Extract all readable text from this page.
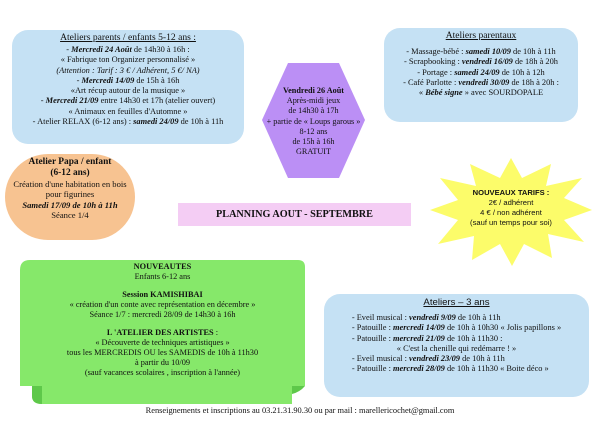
Ateliers parents / enfants 5-12 ans :
- Mercredi 24 Août de 14h30 à 16h :
« Fabrique ton Organizer personnalisé »
(Attention : Tarif : 3 € / Adhérent, 5 €/ NA)
- Mercredi 14/09 de 15h à 16h
«Art récup autour de la musique »
- Mercredi 21/09 entre 14h30 et 17h (atelier ouvert)
« Animaux en feuilles d'Automne »
- Atelier RELAX (6-12 ans) : samedi 24/09 de 10h à 11h
Vendredi 26 Août
Après-midi jeux
de 14h30 à 17h
+ partie de « Loups garous »
8-12 ans
de 15h à 16h
GRATUIT
Ateliers parentaux
- Massage-bébé : samedi 10/09 de 10h à 11h
- Scrapbooking : vendredi 16/09 de 18h à 20h
- Portage : samedi 24/09 de 10h à 12h
- Café Parlotte : vendredi 30/09 de 18h à 20h :
« Bébé signe » avec SOURDOPALE
Atelier Papa / enfant
(6-12 ans)
Création d'une habitation en bois
pour figurines
Samedi 17/09 de 10h à 11h
Séance 1/4	PLANNING AOUT - SEPTEMBRE
NOUVEAUX TARIFS :
2€ / adhérent
4 € / non adhérent
(sauf un temps pour soi)
NOUVEAUTES
Enfants 6-12 ans
Session KAMISHIBAI
« création d'un conte avec représentation en décembre »
Séance 1/7 : mercredi 28/09 de 14h30 à 16h
L 'ATELIER DES ARTISTES :
« Découverte de techniques artistiques »
tous les MERCREDIS OU les SAMEDIS de 10h à 11h30
à partir du 10/09
(sauf vacances scolaires , inscription à l'année)
Ateliers – 3 ans
- Eveil musical : vendredi 9/09 de 10h à 11h
- Patouille : mercredi 14/09 de 10h à 10h30 « Jolis papillons »
- Patouille : mercredi 21/09 de 10h à 11h30 :
« C'est la chenille qui redémarre ! »
- Eveil musical : vendredi 23/09 de 10h à 11h
- Patouille : mercredi 28/09 de 10h à 11h30 « Boite déco »
Renseignements et inscriptions au 03.21.31.90.30 ou par mail : marellericochet@gmail.com
